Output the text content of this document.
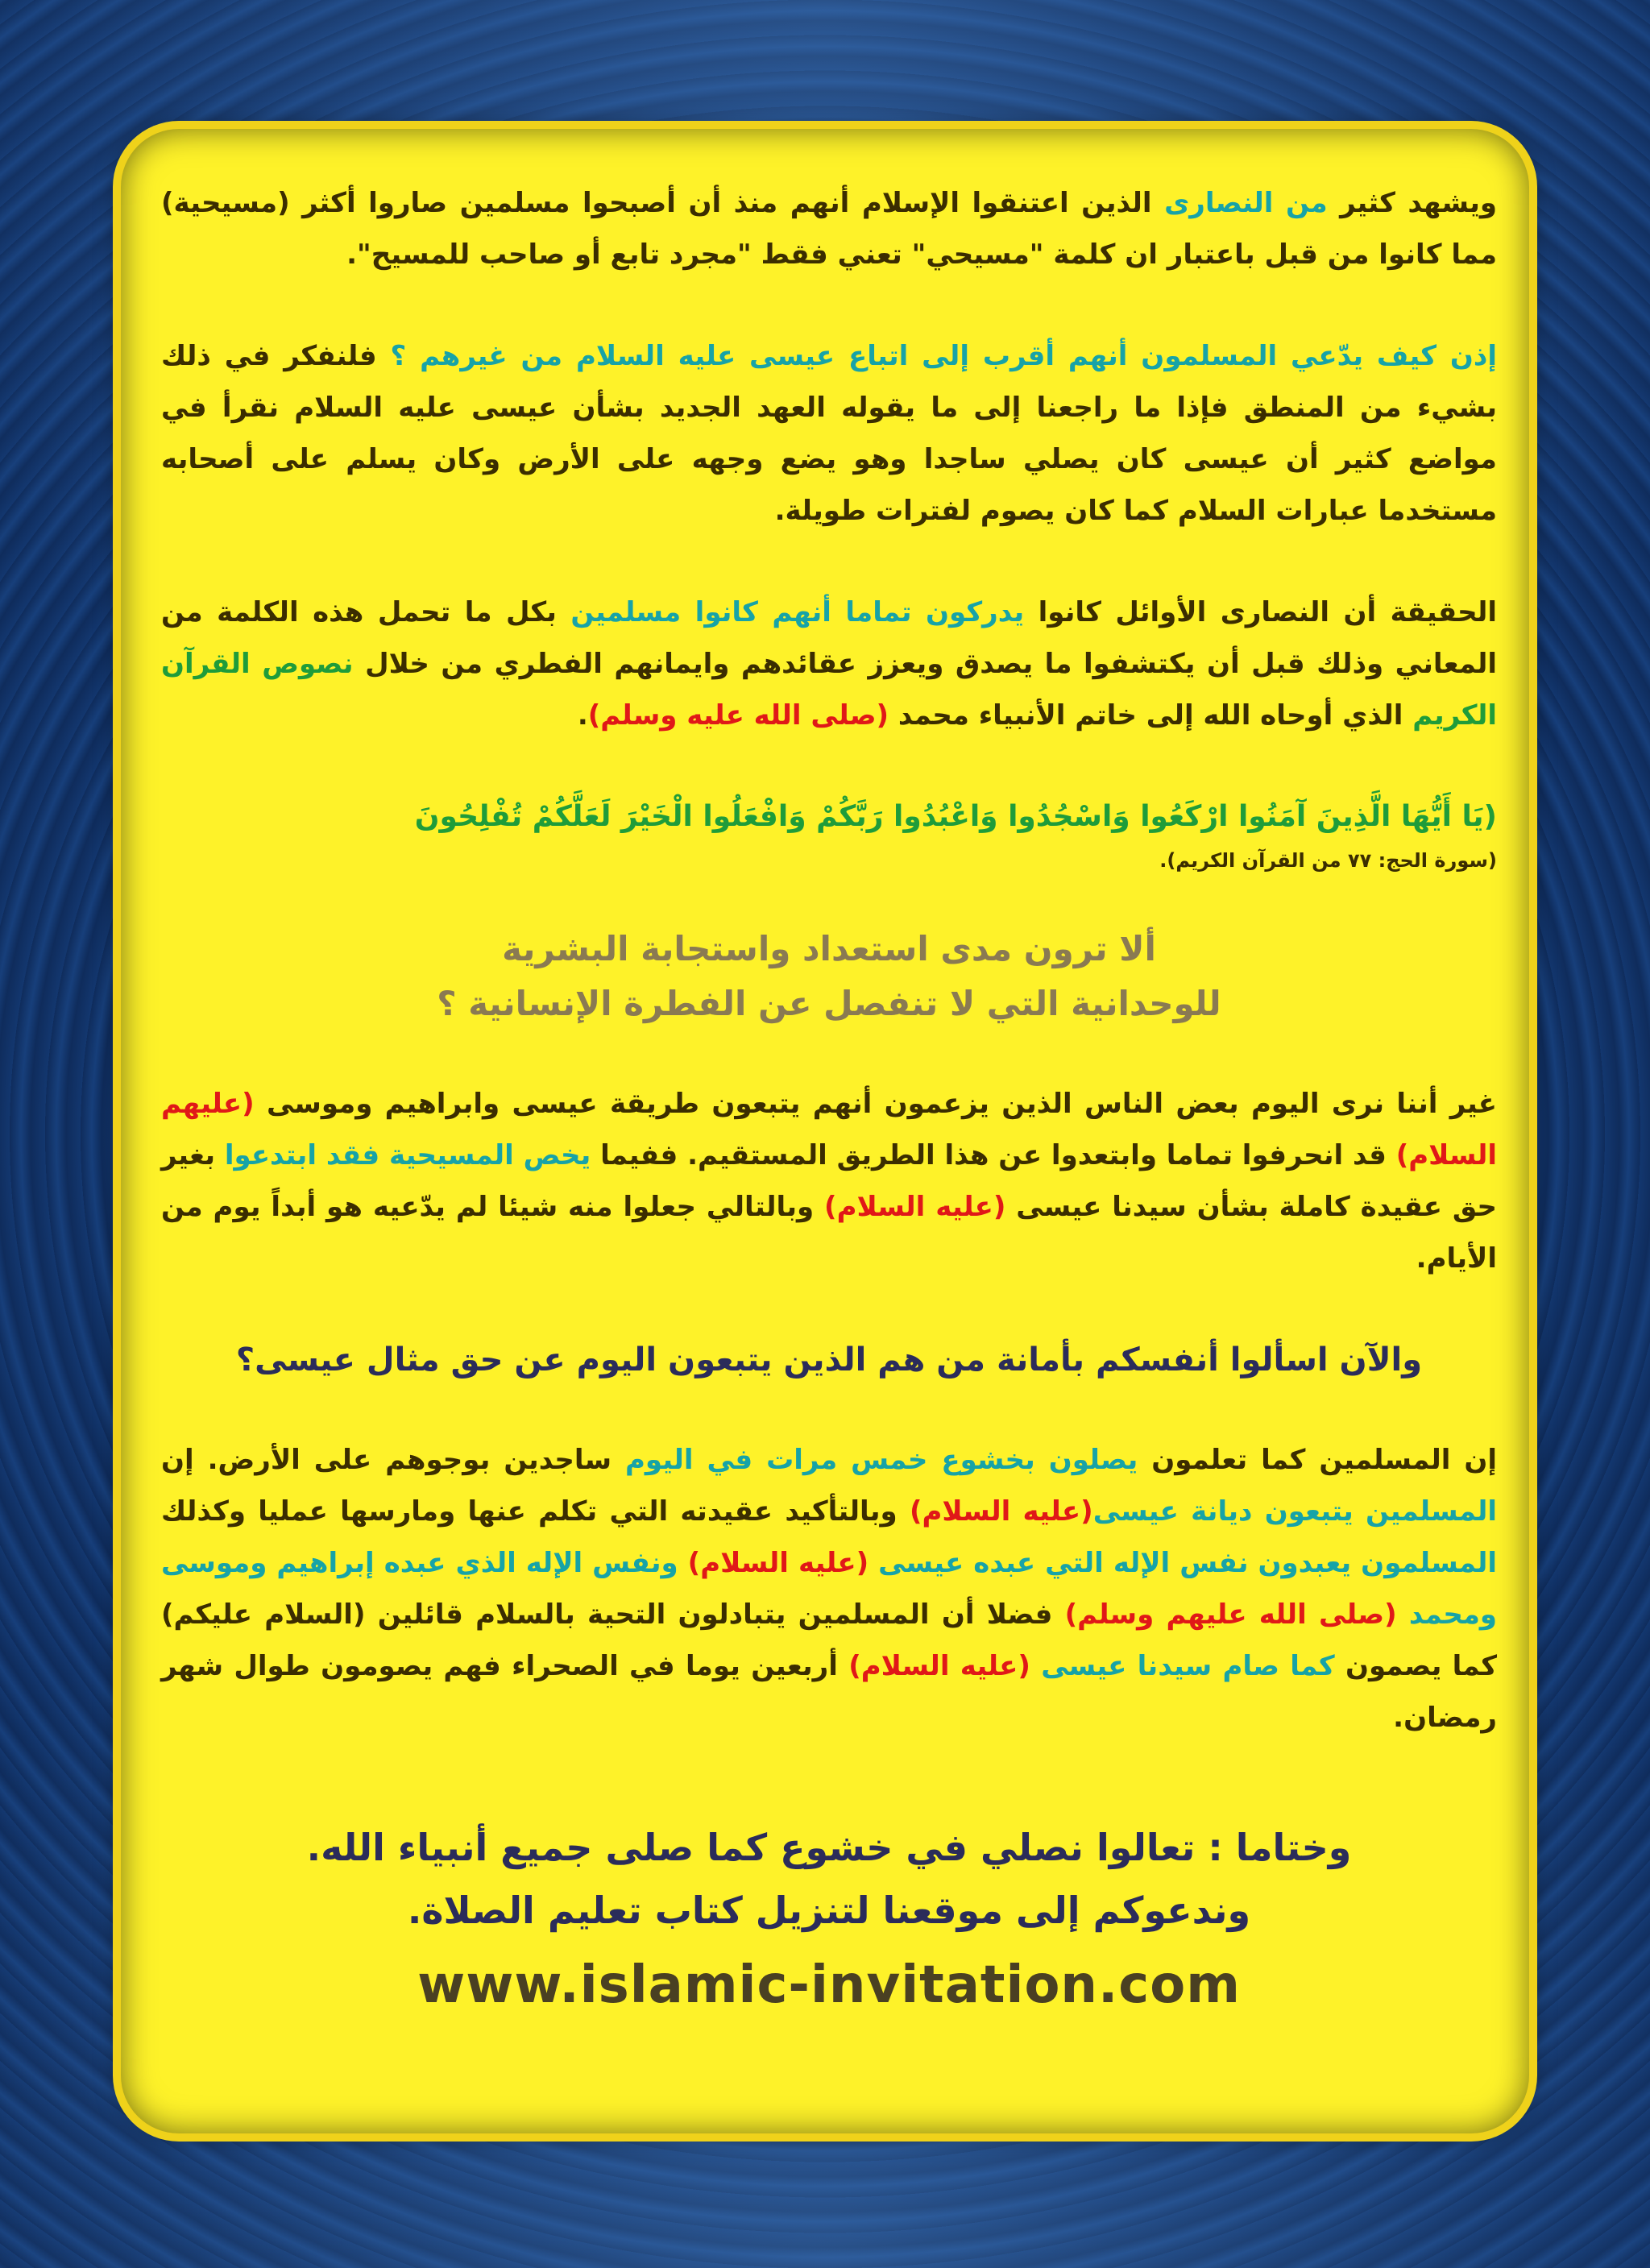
ويشهد كثير من النصارى الذين اعتنقوا الإسلام أنهم منذ أن أصبحوا مسلمين صاروا أكثر (مسيحية) مما كانوا من قبل باعتبار ان كلمة "مسيحي" تعني فقط "مجرد تابع أو صاحب للمسيح".

إذن كيف يدّعي المسلمون أنهم أقرب إلى اتباع عيسى عليه السلام من غيرهم ؟ فلنفكر في ذلك بشيء من المنطق فإذا ما راجعنا إلى ما يقوله العهد الجديد بشأن عيسى عليه السلام نقرأ في مواضع كثير أن عيسى كان يصلي ساجدا وهو يضع وجهه على الأرض وكان يسلم على أصحابه مستخدما عبارات السلام كما كان يصوم لفترات طويلة.

الحقيقة أن النصارى الأوائل كانوا يدركون تماما أنهم كانوا مسلمين بكل ما تحمل هذه الكلمة من المعاني وذلك قبل أن يكتشفوا ما يصدق ويعزز عقائدهم وايمانهم الفطري من خلال نصوص القرآن الكريم الذي أوحاه الله إلى خاتم الأنبياء محمد (صلى الله عليه وسلم).

(يَا أَيُّهَا الَّذِينَ آمَنُوا ارْكَعُوا وَاسْجُدُوا وَاعْبُدُوا رَبَّكُمْ وَافْعَلُوا الْخَيْرَ لَعَلَّكُمْ تُفْلِحُونَ

(سورة الحج: ٧٧ من القرآن الكريم).

ألا ترون مدى استعداد واستجابة البشرية
للوحدانية التي لا تنفصل عن الفطرة الإنسانية ؟

غير أننا نرى اليوم بعض الناس الذين يزعمون أنهم يتبعون طريقة عيسى وابراهيم وموسى (عليهم السلام) قد انحرفوا تماما وابتعدوا عن هذا الطريق المستقيم. ففيما يخص المسيحية فقد ابتدعوا بغير حق عقيدة كاملة بشأن سيدنا عيسى (عليه السلام) وبالتالي جعلوا منه شيئا لم يدّعيه هو أبداً يوم من الأيام.

والآن اسألوا أنفسكم بأمانة من هم الذين يتبعون اليوم عن حق مثال عيسى؟

إن المسلمين كما تعلمون يصلون بخشوع خمس مرات في اليوم ساجدين بوجوهم على الأرض. إن المسلمين يتبعون ديانة عيسى(عليه السلام) وبالتأكيد عقيدته التي تكلم عنها ومارسها عمليا وكذلك المسلمون يعبدون نفس الإله التي عبده عيسى (عليه السلام) ونفس الإله الذي عبده إبراهيم وموسى ومحمد (صلى الله عليهم وسلم) فضلا أن المسلمين يتبادلون التحية بالسلام قائلين (السلام عليكم) كما يصمون كما صام سيدنا عيسى (عليه السلام) أربعين يوما في الصحراء فهم يصومون طوال شهر رمضان.

وختاما : تعالوا نصلي في خشوع كما صلى جميع أنبياء الله.
وندعوكم إلى موقعنا لتنزيل كتاب تعليم الصلاة.
www.islamic-invitation.com
